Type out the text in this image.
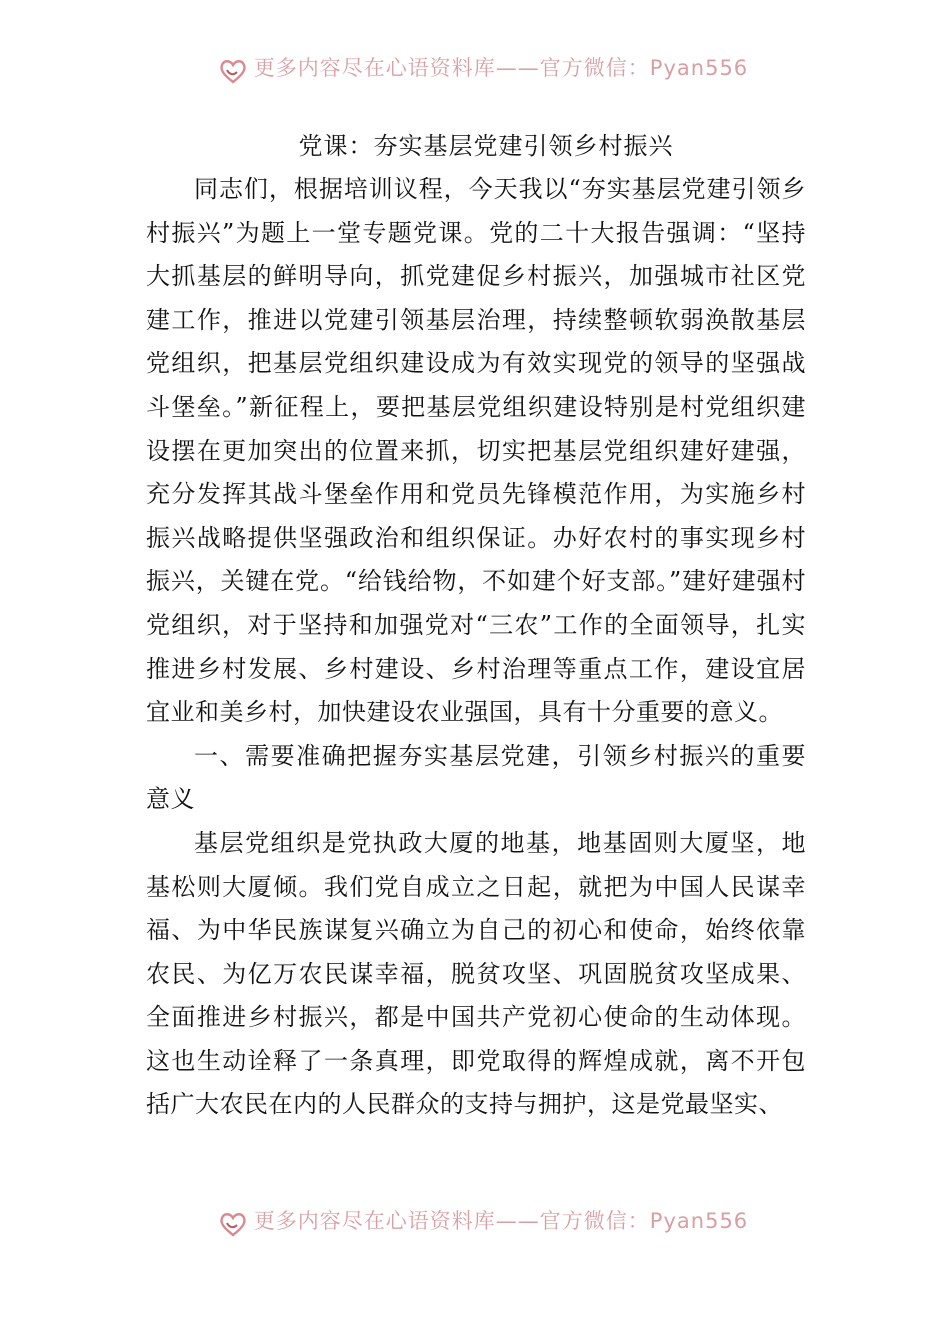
更多内容尽在心语资料库——官方微信：Pyan556
党课：夯实基层党建引领乡村振兴

同志们，根据培训议程，今天我以“夯实基层党建引领乡村振兴”为题上一堂专题党课。党的二十大报告强调：“坚持大抓基层的鲜明导向，抓党建促乡村振兴，加强城市社区党建工作，推进以党建引领基层治理，持续整顿软弱涣散基层党组织，把基层党组织建设成为有效实现党的领导的坚强战斗堡垒。”新征程上，要把基层党组织建设特别是村党组织建设摆在更加突出的位置来抓，切实把基层党组织建好建强，充分发挥其战斗堡垒作用和党员先锋模范作用，为实施乡村振兴战略提供坚强政治和组织保证。办好农村的事实现乡村振兴，关键在党。“给钱给物，不如建个好支部。”建好建强村党组织，对于坚持和加强党对“三农”工作的全面领导，扎实推进乡村发展、乡村建设、乡村治理等重点工作，建设宜居宜业和美乡村，加快建设农业强国，具有十分重要的意义。

一、需要准确把握夯实基层党建，引领乡村振兴的重要意义

基层党组织是党执政大厦的地基，地基固则大厦坚，地基松则大厦倾。我们党自成立之日起，就把为中国人民谋幸福、为中华民族谋复兴确立为自己的初心和使命，始终依靠农民、为亿万农民谋幸福，脱贫攻坚、巩固脱贫攻坚成果、全面推进乡村振兴，都是中国共产党初心使命的生动体现。这也生动诠释了一条真理，即党取得的辉煌成就，离不开包括广大农民在内的人民群众的支持与拥护，这是党最坚实、

更多内容尽在心语资料库——官方微信：Pyan556
